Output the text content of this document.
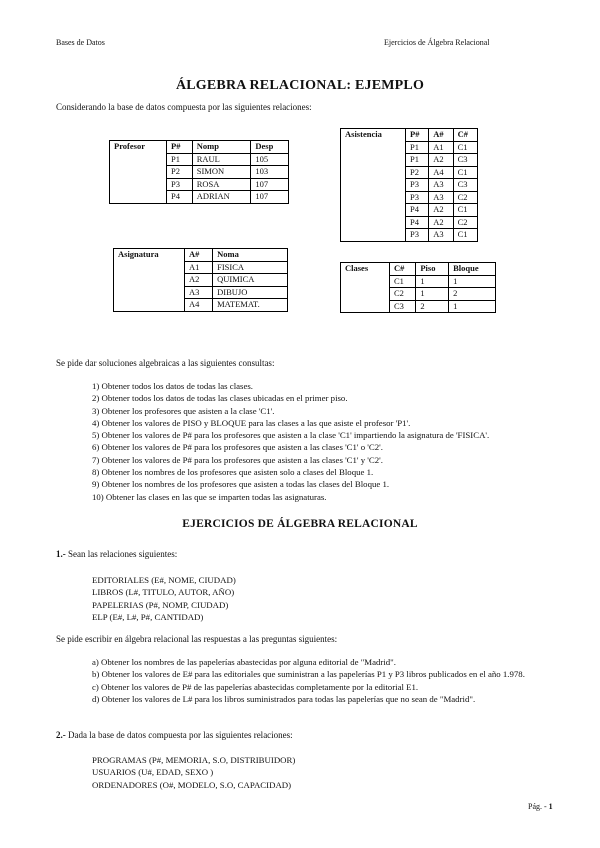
Bases de Datos	Ejercicios de Álgebra Relacional
ÁLGEBRA RELACIONAL: EJEMPLO
Considerando la base de datos compuesta por las siguientes relaciones:
Profesor	P#	Nomp	Desp
	P1	RAUL	105
	P2	SIMON	103
	P3	ROSA	107
	P4	ADRIAN	107
Asistencia	P#	A#	C#
	P1	A1	C1
	P1	A2	C3
	P2	A4	C1
	P3	A3	C3
	P3	A3	C2
	P4	A2	C1
	P4	A2	C2
	P3	A3	C1
Asignatura	A#	Noma
	A1	FISICA
	A2	QUIMICA
	A3	DIBUJO
	A4	MATEMAT.
Clases	C#	Piso	Bloque
	C1	1	1
	C2	1	2
	C3	2	1
Se pide dar soluciones algebraicas a las siguientes consultas:
1) Obtener todos los datos de todas las clases.
2) Obtener todos los datos de todas las clases ubicadas en el primer piso.
3) Obtener los profesores que asisten a la clase 'C1'.
4) Obtener los valores de PISO y BLOQUE para las clases a las que asiste el profesor 'P1'.
5) Obtener los valores de P# para los profesores que asisten a la clase 'C1' impartiendo la asignatura de 'FISICA'.
6) Obtener los valores de P# para los profesores que asisten a las clases 'C1' o 'C2'.
7) Obtener los valores de P# para los profesores que asisten a las clases 'C1' y 'C2'.
8) Obtener los nombres de los profesores que asisten solo a clases del Bloque 1.
9) Obtener los nombres de los profesores que asisten a todas las clases del Bloque 1.
10) Obtener las clases en las que se imparten todas las asignaturas.
EJERCICIOS DE ÁLGEBRA RELACIONAL
1.- Sean las relaciones siguientes:
EDITORIALES (E#, NOME, CIUDAD)
LIBROS (L#, TITULO, AUTOR, AÑO)
PAPELERIAS (P#, NOMP, CIUDAD)
ELP (E#, L#, P#, CANTIDAD)
Se pide escribir en álgebra relacional las respuestas a las preguntas siguientes:
a) Obtener los nombres de las papelerías abastecidas por alguna editorial de "Madrid".
b) Obtener los valores de E# para las editoriales que suministran a las papelerías P1 y P3 libros publicados en el año 1.978.
c) Obtener los valores de P# de las papelerías abastecidas completamente por la editorial E1.
d) Obtener los valores de L# para los libros suministrados para todas las papelerías que no sean de "Madrid".
2.- Dada la base de datos compuesta por las siguientes relaciones:
PROGRAMAS (P#, MEMORIA, S.O, DISTRIBUIDOR)
USUARIOS (U#, EDAD, SEXO )
ORDENADORES (O#, MODELO, S.O, CAPACIDAD)
Pág. - 1
